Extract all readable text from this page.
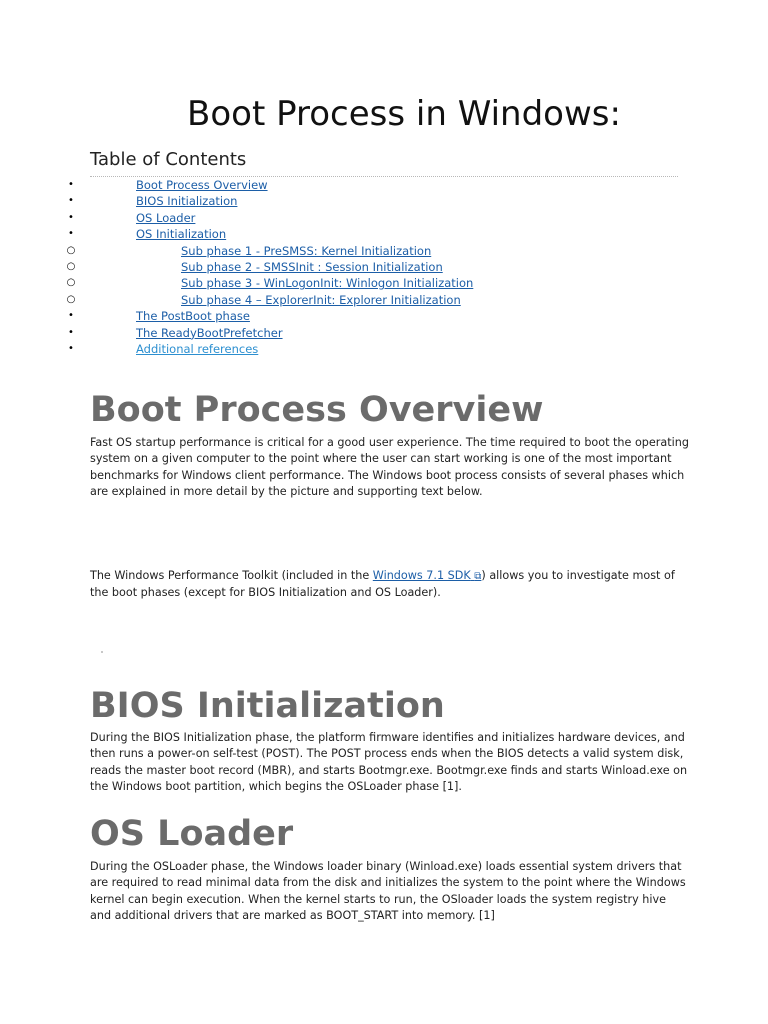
Boot Process in Windows:
Table of Contents
•	Boot Process Overview
•	BIOS Initialization
•	OS Loader
•	OS Initialization
○	Sub phase 1 - PreSMSS: Kernel Initialization
○	Sub phase 2 - SMSSInit : Session Initialization
○	Sub phase 3 - WinLogonInit: Winlogon Initialization
○	Sub phase 4 – ExplorerInit: Explorer Initialization
•	The PostBoot phase
•	The ReadyBootPrefetcher
•	Additional references
Boot Process Overview

Fast OS startup performance is critical for a good user experience. The time required to boot the operating system on a given computer to the point where the user can start working is one of the most important benchmarks for Windows client performance. The Windows boot process consists of several phases which are explained in more detail by the picture and supporting text below.

The Windows Performance Toolkit (included in the Windows 7.1 SDK ⧉) allows you to investigate most of the boot phases (except for BIOS Initialization and OS Loader).

BIOS Initialization

During the BIOS Initialization phase, the platform firmware identifies and initializes hardware devices, and then runs a power-on self-test (POST). The POST process ends when the BIOS detects a valid system disk, reads the master boot record (MBR), and starts Bootmgr.exe. Bootmgr.exe finds and starts Winload.exe on the Windows boot partition, which begins the OSLoader phase [1].

OS Loader

During the OSLoader phase, the Windows loader binary (Winload.exe) loads essential system drivers that are required to read minimal data from the disk and initializes the system to the point where the Windows kernel can begin execution. When the kernel starts to run, the OSloader loads the system registry hive and additional drivers that are marked as BOOT_START into memory. [1]
